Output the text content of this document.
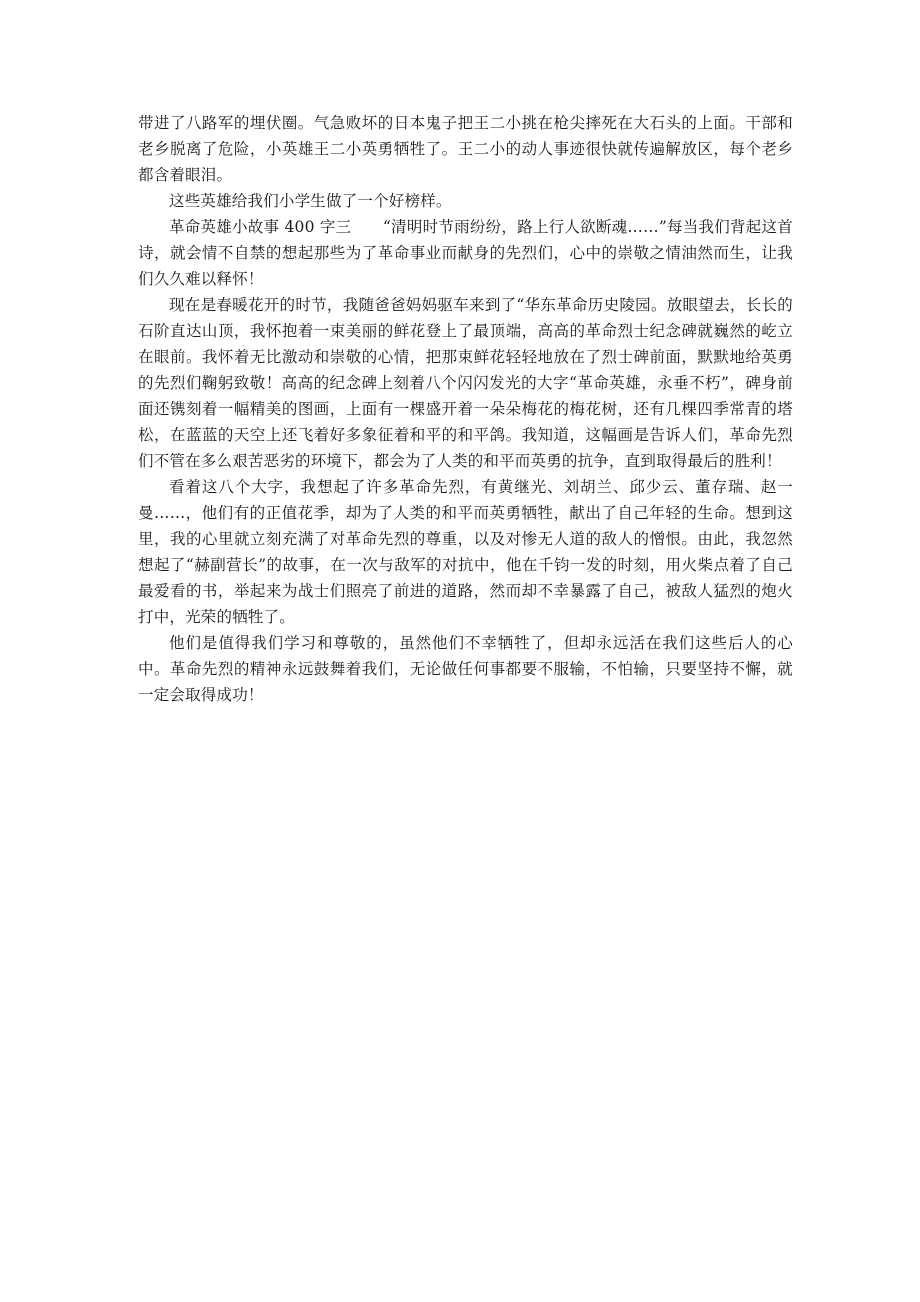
带进了八路军的埋伏圈。气急败坏的日本鬼子把王二小挑在枪尖摔死在大石头的上面。干部和老乡脱离了危险，小英雄王二小英勇牺牲了。王二小的动人事迹很快就传遍解放区，每个老乡都含着眼泪。

这些英雄给我们小学生做了一个好榜样。

革命英雄小故事 400 字三　　“清明时节雨纷纷，路上行人欲断魂……”每当我们背起这首诗，就会情不自禁的想起那些为了革命事业而献身的先烈们，心中的崇敬之情油然而生，让我们久久难以释怀！

现在是春暖花开的时节，我随爸爸妈妈驱车来到了“华东革命历史陵园。放眼望去，长长的石阶直达山顶，我怀抱着一束美丽的鲜花登上了最顶端，高高的革命烈士纪念碑就巍然的屹立在眼前。我怀着无比激动和崇敬的心情，把那束鲜花轻轻地放在了烈士碑前面，默默地给英勇的先烈们鞠躬致敬！高高的纪念碑上刻着八个闪闪发光的大字“革命英雄，永垂不朽”，碑身前面还镌刻着一幅精美的图画，上面有一棵盛开着一朵朵梅花的梅花树，还有几棵四季常青的塔松，在蓝蓝的天空上还飞着好多象征着和平的和平鸽。我知道，这幅画是告诉人们，革命先烈们不管在多么艰苦恶劣的环境下，都会为了人类的和平而英勇的抗争，直到取得最后的胜利！

看着这八个大字，我想起了许多革命先烈，有黄继光、刘胡兰、邱少云、董存瑞、赵一曼……，他们有的正值花季，却为了人类的和平而英勇牺牲，献出了自己年轻的生命。想到这里，我的心里就立刻充满了对革命先烈的尊重，以及对惨无人道的敌人的憎恨。由此，我忽然想起了“赫副营长”的故事，在一次与敌军的对抗中，他在千钧一发的时刻，用火柴点着了自己最爱看的书，举起来为战士们照亮了前进的道路，然而却不幸暴露了自己，被敌人猛烈的炮火打中，光荣的牺牲了。

他们是值得我们学习和尊敬的，虽然他们不幸牺牲了，但却永远活在我们这些后人的心中。革命先烈的精神永远鼓舞着我们，无论做任何事都要不服输，不怕输，只要坚持不懈，就一定会取得成功！
